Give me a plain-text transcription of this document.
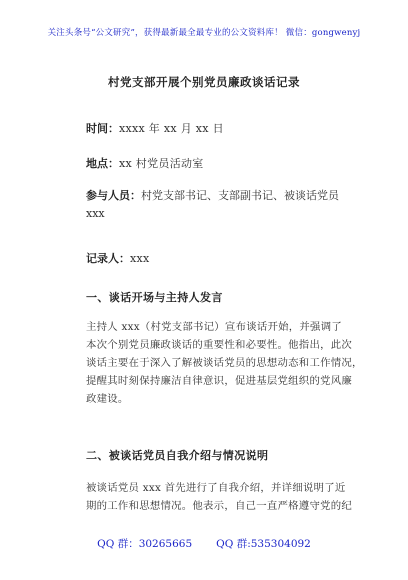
关注头条号“公文研究”，获得最新最全最专业的公文资料库！ 微信：gongwenyj
村党支部开展个别党员廉政谈话记录
时间：xxxx 年 xx 月 xx 日
地点：xx 村党员活动室
参与人员：村党支部书记、支部副书记、被谈话党员 xxx
记录人：xxx
一、谈话开场与主持人发言
主持人 xxx（村党支部书记）宣布谈话开始，并强调了
本次个别党员廉政谈话的重要性和必要性。他指出，此次
谈话主要在于深入了解被谈话党员的思想动态和工作情况，
提醒其时刻保持廉洁自律意识，促进基层党组织的党风廉
政建设。
二、被谈话党员自我介绍与情况说明
被谈话党员 xxx 首先进行了自我介绍，并详细说明了近
期的工作和思想情况。他表示，自己一直严格遵守党的纪
QQ 群：30265665 QQ 群:535304092
